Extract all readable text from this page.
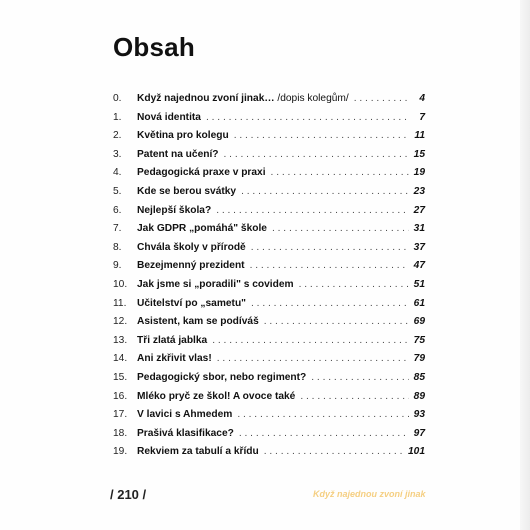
Obsah
0.	Když najednou zvoní jinak… /dopis kolegům/ . . .	4
1.	Nová identita . . .	7
2.	Květina pro kolegu . . .	11
3.	Patent na učení? . . .	15
4.	Pedagogická praxe v praxi . . .	19
5.	Kde se berou svátky . . .	23
6.	Nejlepší škola? . . .	27
7.	Jak GDPR „pomáhá" škole . . .	31
8.	Chvála školy v přírodě . . .	37
9.	Bezejmenný prezident . . .	47
10. Jak jsme si „poradili" s covidem . . .	51
11.	Učitelství po „sametu" . . .	61
12. Asistent, kam se podíváš . . .	69
13. Tři zlatá jablka . . .	75
14. Ani zkřivit vlas! . . .	79
15. Pedagogický sbor, nebo regiment? . . .	85
16. Mléko pryč ze škol! A ovoce také . . .	89
17. V lavici s Ahmedem . . .	93
18. Prašivá klasifikace? . . .	97
19. Rekviem za tabulí a křídu . . .	101
/ 210 /	Když najednou zvoní jinak
